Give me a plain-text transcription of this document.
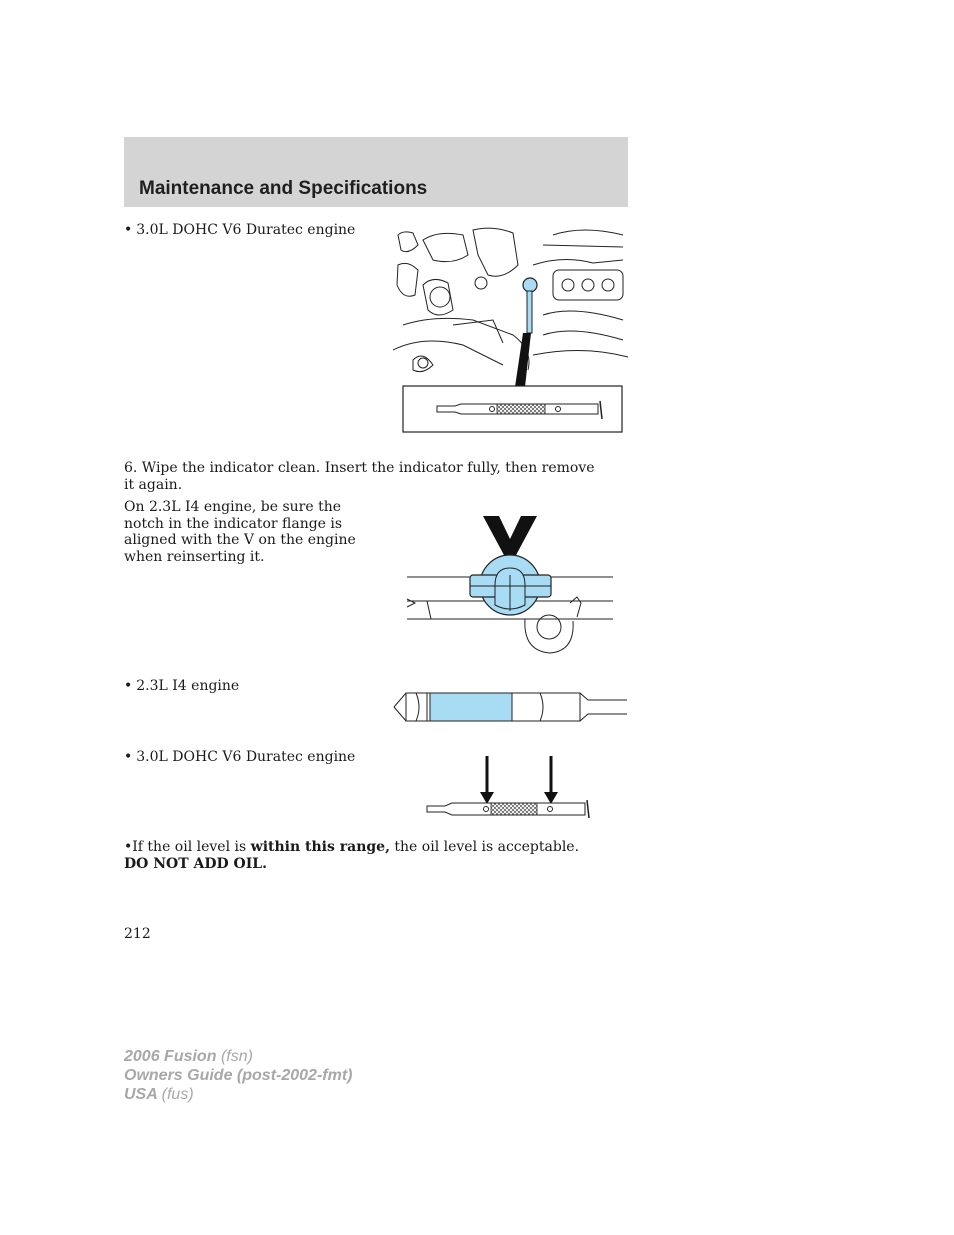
Maintenance and Specifications
• 3.0L DOHC V6 Duratec engine
6. Wipe the indicator clean. Insert the indicator fully, then remove it again.
On 2.3L I4 engine, be sure the notch in the indicator flange is aligned with the V on the engine when reinserting it.
• 2.3L I4 engine
• 3.0L DOHC V6 Duratec engine
•If the oil level is within this range, the oil level is acceptable. DO NOT ADD OIL.
212
2006 Fusion (fsn)
Owners Guide (post-2002-fmt)
USA (fus)
